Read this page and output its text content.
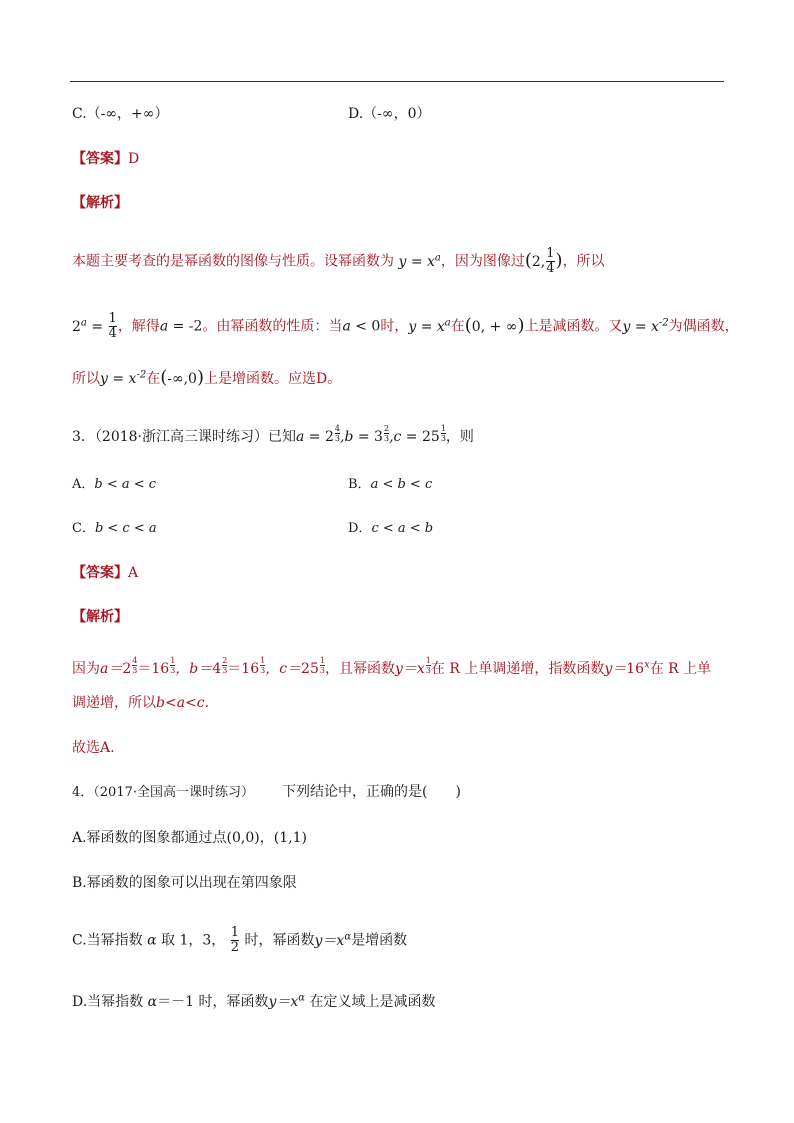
C.（-∞，+∞）	D.（-∞，0）
【答案】D
【解析】
本题主要考查的是幂函数的图像与性质。设幂函数为 $y = x^a$，因为图像过(2, $\frac{1}{4}$ )，所以
$2^a = \frac{1}{4}$ ，解得a = -2。由幂函数的性质：当a < 0时，$y = x^a$在(0, + ∞)上是减函数。又$y = x^{-2}$为偶函数，
所以$y = x^{-2}$在(-∞,0)上是增函数。应选D。
3．（2018·浙江高三课时练习）已知$a = 2 \frac{4}{3} ,b = 3 \frac{2}{3} ,c = 25 \frac{1}{3}$ ，则
A．b < a < c	B．a < b < c
C．b < c < a	D．c < a < b
【答案】A
【解析】
因为$a=2 \frac{4}{3} =16 \frac{1}{3}$ ，$b=4 \frac{2}{3} =16 \frac{1}{3}$ ，$c=25 \frac{1}{3}$ ，且幂函数$y=x \frac{1}{3}$ 在 R 上单调递增，指数函数$y=16^x$在 R 上单
调递增，所以b<a<c.
故选A.
4．（2017·全国高一课时练习） 下列结论中，正确的是(　　)
A.幂函数的图象都通过点(0,0)，(1,1)
B.幂函数的图象可以出现在第四象限
C.当幂指数 α 取 1，3， $\frac{1}{2}$ 时，幂函数$y=x^\alpha$是增函数
D.当幂指数 α＝－1 时，幂函数$y=x^\alpha$ 在定义域上是减函数
